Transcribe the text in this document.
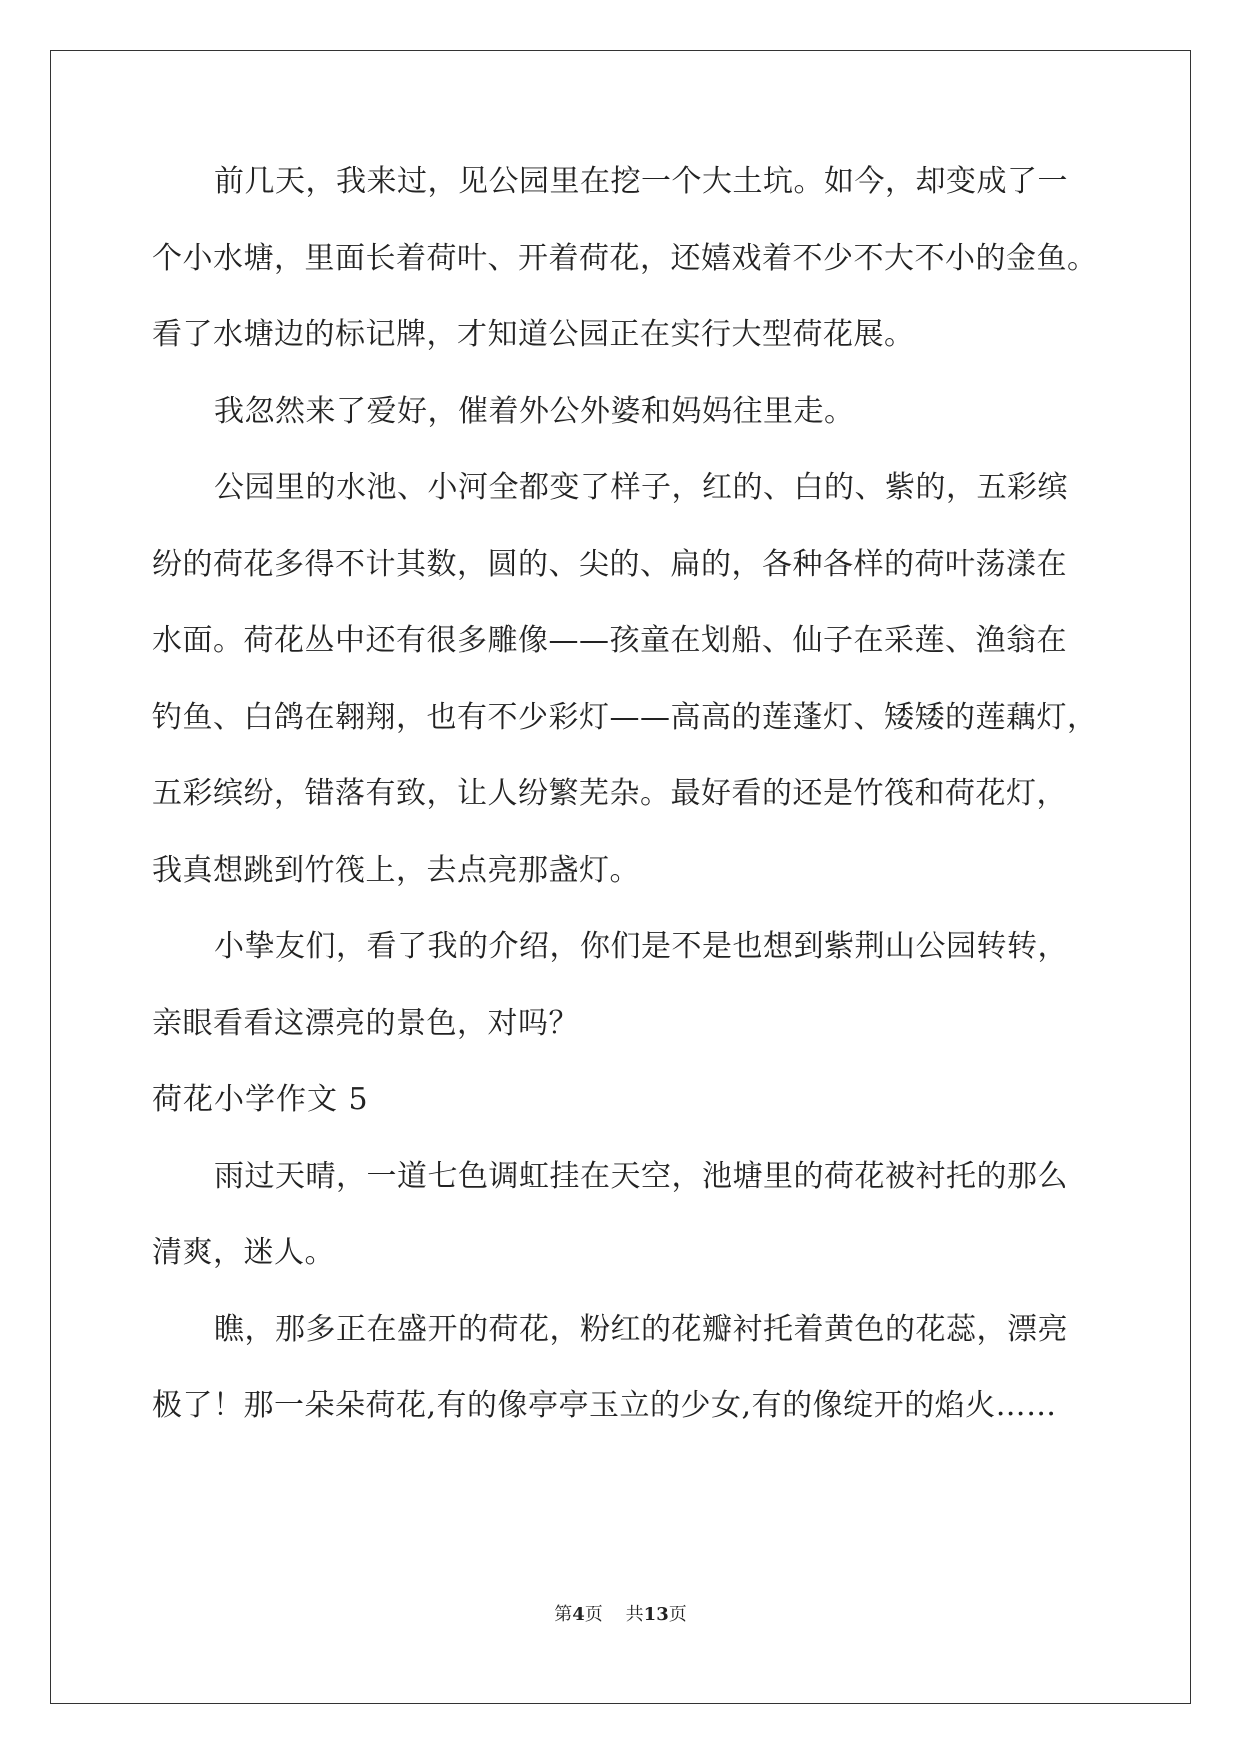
前几天，我来过，见公园里在挖一个大土坑。如今，却变成了一
个小水塘，里面长着荷叶、开着荷花，还嬉戏着不少不大不小的金鱼。
看了水塘边的标记牌，才知道公园正在实行大型荷花展。
我忽然来了爱好，催着外公外婆和妈妈往里走。
公园里的水池、小河全都变了样子，红的、白的、紫的，五彩缤
纷的荷花多得不计其数，圆的、尖的、扁的，各种各样的荷叶荡漾在
水面。荷花丛中还有很多雕像——孩童在划船、仙子在采莲、渔翁在
钓鱼、白鸽在翱翔，也有不少彩灯——高高的莲蓬灯、矮矮的莲藕灯，
五彩缤纷，错落有致，让人纷繁芜杂。最好看的还是竹筏和荷花灯，
我真想跳到竹筏上，去点亮那盏灯。
小挚友们，看了我的介绍，你们是不是也想到紫荆山公园转转，
亲眼看看这漂亮的景色，对吗？
荷花小学作文 5
雨过天晴，一道七色调虹挂在天空，池塘里的荷花被衬托的那么
清爽，迷人。
瞧，那多正在盛开的荷花，粉红的花瓣衬托着黄色的花蕊，漂亮
极了！那一朵朵荷花,有的像亭亭玉立的少女,有的像绽开的焰火……
第4页 共13页
